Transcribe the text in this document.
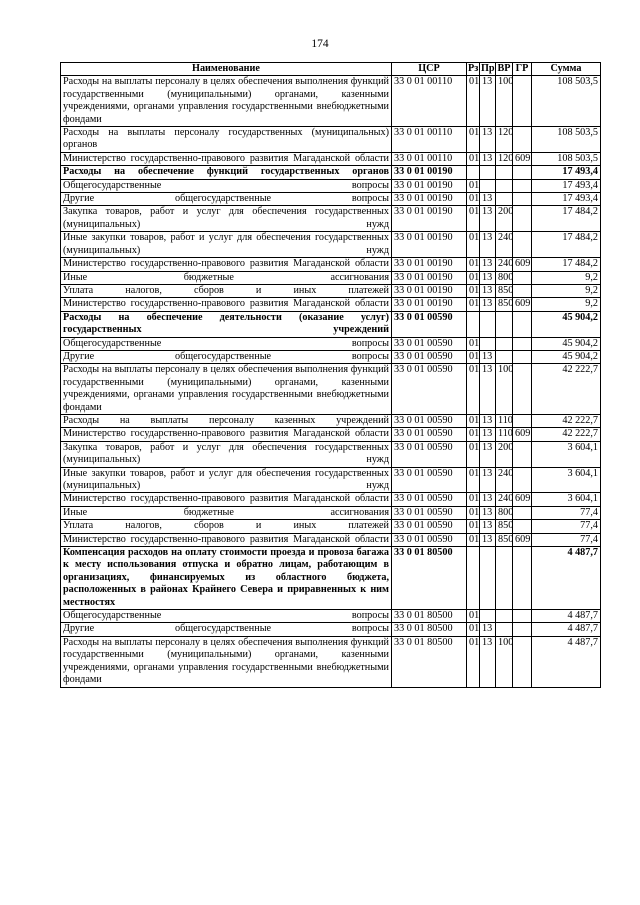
174
Наименование	ЦСР	Рз	Пр	ВР	ГР	Сумма
Расходы на выплаты персоналу в целях обеспечения выполнения функций государственными (муниципальными) органами, казенными учреждениями, органами управления государственными внебюджетными фондами	33 0 01 00110	01	13	100		108 503,5
Расходы на выплаты персоналу государственных (муниципальных) органов	33 0 01 00110	01	13	120		108 503,5
Министерство государственно-правового развития Магаданской области	33 0 01 00110	01	13	120	609	108 503,5
Расходы на обеспечение функций государственных органов	33 0 01 00190					17 493,4
Общегосударственные вопросы	33 0 01 00190	01				17 493,4
Другие общегосударственные вопросы	33 0 01 00190	01	13			17 493,4
Закупка товаров, работ и услуг для обеспечения государственных (муниципальных) нужд	33 0 01 00190	01	13	200		17 484,2
Иные закупки товаров, работ и услуг для обеспечения государственных (муниципальных) нужд	33 0 01 00190	01	13	240		17 484,2
Министерство государственно-правового развития Магаданской области	33 0 01 00190	01	13	240	609	17 484,2
Иные бюджетные ассигнования	33 0 01 00190	01	13	800		9,2
Уплата налогов, сборов и иных платежей	33 0 01 00190	01	13	850		9,2
Министерство государственно-правового развития Магаданской области	33 0 01 00190	01	13	850	609	9,2
Расходы на обеспечение деятельности (оказание услуг) государственных учреждений	33 0 01 00590					45 904,2
Общегосударственные вопросы	33 0 01 00590	01				45 904,2
Другие общегосударственные вопросы	33 0 01 00590	01	13			45 904,2
Расходы на выплаты персоналу в целях обеспечения выполнения функций государственными (муниципальными) органами, казенными учреждениями, органами управления государственными внебюджетными фондами	33 0 01 00590	01	13	100		42 222,7
Расходы на выплаты персоналу казенных учреждений	33 0 01 00590	01	13	110		42 222,7
Министерство государственно-правового развития Магаданской области	33 0 01 00590	01	13	110	609	42 222,7
Закупка товаров, работ и услуг для обеспечения государственных (муниципальных) нужд	33 0 01 00590	01	13	200		3 604,1
Иные закупки товаров, работ и услуг для обеспечения государственных (муниципальных) нужд	33 0 01 00590	01	13	240		3 604,1
Министерство государственно-правового развития Магаданской области	33 0 01 00590	01	13	240	609	3 604,1
Иные бюджетные ассигнования	33 0 01 00590	01	13	800		77,4
Уплата налогов, сборов и иных платежей	33 0 01 00590	01	13	850		77,4
Министерство государственно-правового развития Магаданской области	33 0 01 00590	01	13	850	609	77,4
Компенсация расходов на оплату стоимости проезда и провоза багажа к месту использования отпуска и обратно лицам, работающим в организациях, финансируемых из областного бюджета, расположенных в районах Крайнего Севера и приравненных к ним местностях	33 0 01 80500					4 487,7
Общегосударственные вопросы	33 0 01 80500	01				4 487,7
Другие общегосударственные вопросы	33 0 01 80500	01	13			4 487,7
Расходы на выплаты персоналу в целях обеспечения выполнения функций государственными (муниципальными) органами, казенными учреждениями, органами управления государственными внебюджетными фондами	33 0 01 80500	01	13	100		4 487,7
